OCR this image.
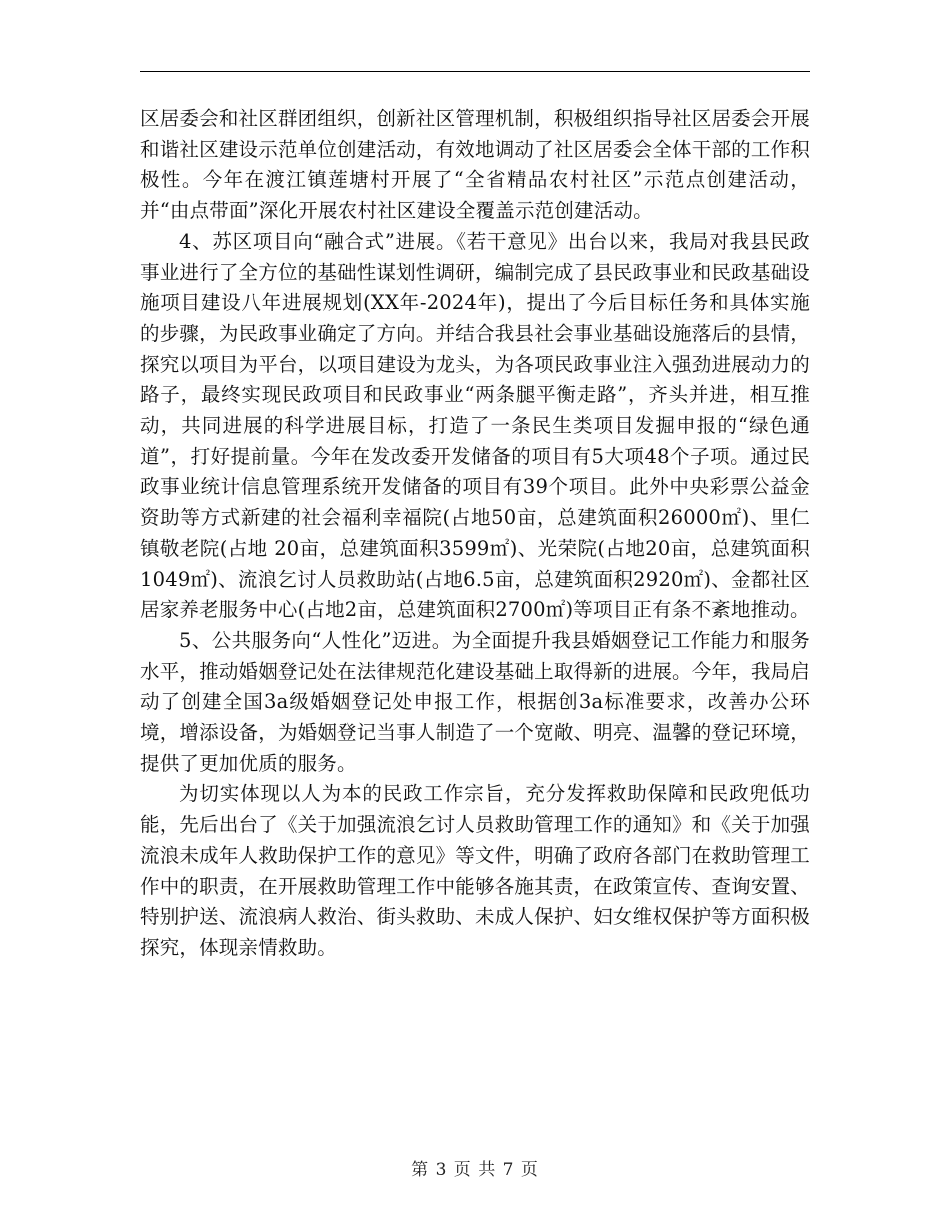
区居委会和社区群团组织，创新社区管理机制，积极组织指导社区居委会开展和谐社区建设示范单位创建活动，有效地调动了社区居委会全体干部的工作积极性。今年在渡江镇莲塘村开展了“全省精品农村社区”示范点创建活动，并“由点带面”深化开展农村社区建设全覆盖示范创建活动。

4、苏区项目向“融合式”进展。《若干意见》出台以来，我局对我县民政事业进行了全方位的基础性谋划性调研，编制完成了县民政事业和民政基础设施项目建设八年进展规划(XX年-2024年)，提出了今后目标任务和具体实施的步骤，为民政事业确定了方向。并结合我县社会事业基础设施落后的县情，探究以项目为平台，以项目建设为龙头，为各项民政事业注入强劲进展动力的路子，最终实现民政项目和民政事业“两条腿平衡走路”，齐头并进，相互推动，共同进展的科学进展目标，打造了一条民生类项目发掘申报的“绿色通道”，打好提前量。今年在发改委开发储备的项目有5大项48个子项。通过民政事业统计信息管理系统开发储备的项目有39个项目。此外中央彩票公益金资助等方式新建的社会福利幸福院(占地50亩，总建筑面积26000㎡)、里仁镇敬老院(占地 20亩，总建筑面积3599㎡)、光荣院(占地20亩，总建筑面积1049㎡)、流浪乞讨人员救助站(占地6.5亩，总建筑面积2920㎡)、金都社区居家养老服务中心(占地2亩，总建筑面积2700㎡)等项目正有条不紊地推动。

5、公共服务向“人性化”迈进。为全面提升我县婚姻登记工作能力和服务水平，推动婚姻登记处在法律规范化建设基础上取得新的进展。今年，我局启动了创建全国3a级婚姻登记处申报工作，根据创3a标准要求，改善办公环境，增添设备，为婚姻登记当事人制造了一个宽敞、明亮、温馨的登记环境，提供了更加优质的服务。

为切实体现以人为本的民政工作宗旨，充分发挥救助保障和民政兜低功能，先后出台了《关于加强流浪乞讨人员救助管理工作的通知》和《关于加强流浪未成年人救助保护工作的意见》等文件，明确了政府各部门在救助管理工作中的职责，在开展救助管理工作中能够各施其责，在政策宣传、查询安置、特别护送、流浪病人救治、街头救助、未成人保护、妇女维权保护等方面积极探究，体现亲情救助。

第 3 页 共 7 页
